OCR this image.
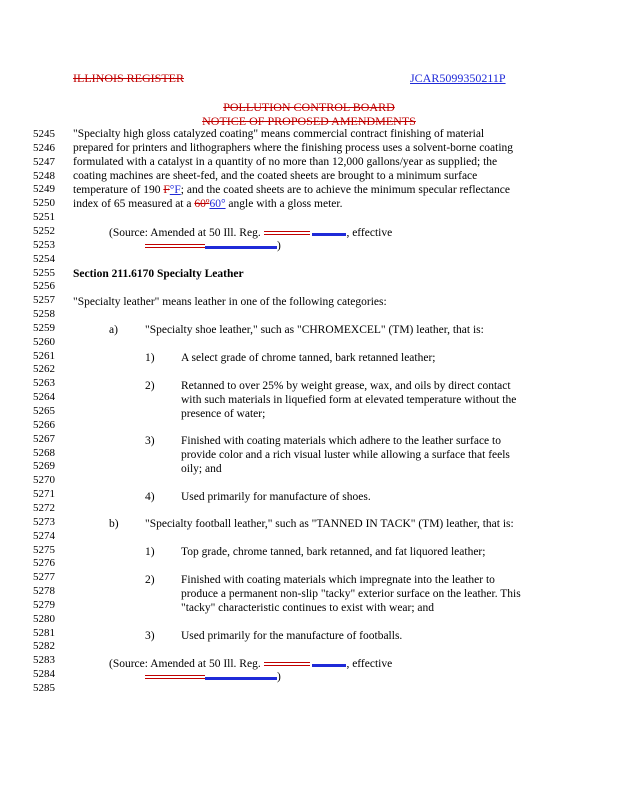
ILLINOIS REGISTER	JCAR5099350211P
POLLUTION CONTROL BOARD
NOTICE OF PROPOSED AMENDMENTS
5245
5246
5247
5248
5249
5250
5251
5252
5253
5254
5255
5256
5257
5258
5259
5260
5261
5262
5263
5264
5265
5266
5267
5268
5269
5270
5271
5272
5273
5274
5275
5276
5277
5278
5279
5280
5281
5282
5283
5284
5285
"Specialty high gloss catalyzed coating" means commercial contract finishing of material
prepared for printers and lithographers where the finishing process uses a solvent-borne coating
formulated with a catalyst in a quantity of no more than 12,000 gallons/year as supplied; the
coating machines are sheet-fed, and the coated sheets are brought to a minimum surface
temperature of 190 F°F; and the coated sheets are to achieve the minimum specular reflectance
index of 65 measured at a 60º60° angle with a gloss meter.
(Source: Amended at 50 Ill. Reg.	, effective
)
Section 211.6170 Specialty Leather
"Specialty leather" means leather in one of the following categories:
a) "Specialty shoe leather," such as "CHROMEXCEL" (TM) leather, that is:
1) A select grade of chrome tanned, bark retanned leather;
2) Retanned to over 25% by weight grease, wax, and oils by direct contact
with such materials in liquefied form at elevated temperature without the
presence of water;
3) Finished with coating materials which adhere to the leather surface to
provide color and a rich visual luster while allowing a surface that feels
oily; and
4) Used primarily for manufacture of shoes.
b) "Specialty football leather," such as "TANNED IN TACK" (TM) leather, that is:
1) Top grade, chrome tanned, bark retanned, and fat liquored leather;
2) Finished with coating materials which impregnate into the leather to
produce a permanent non-slip "tacky" exterior surface on the leather. This
"tacky" characteristic continues to exist with wear; and
3) Used primarily for the manufacture of footballs.
(Source: Amended at 50 Ill. Reg.	, effective
)
